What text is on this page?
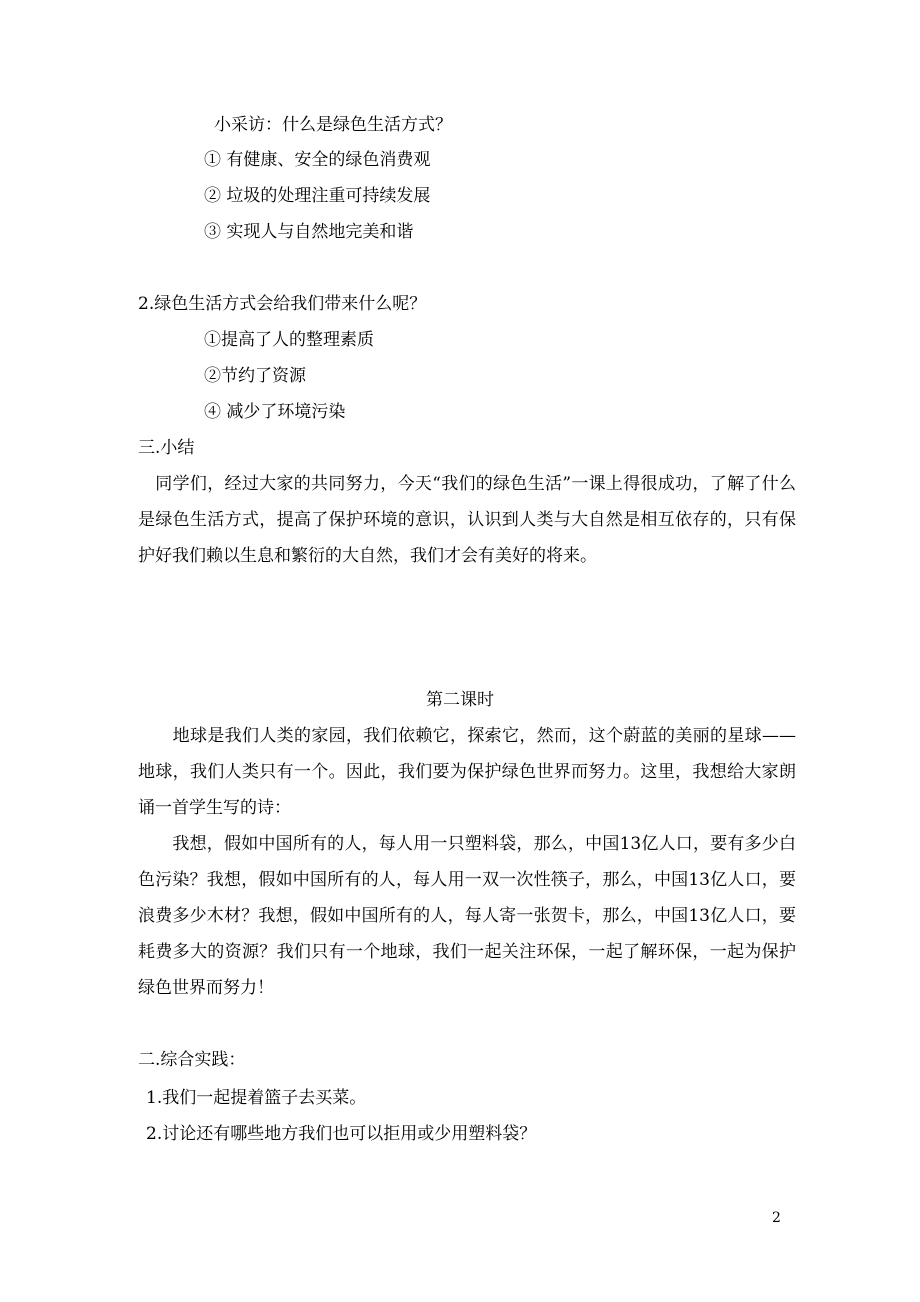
小采访：什么是绿色生活方式？
① 有健康、安全的绿色消费观
② 垃圾的处理注重可持续发展
③ 实现人与自然地完美和谐
2.绿色生活方式会给我们带来什么呢？
①提高了人的整理素质
②节约了资源
④ 减少了环境污染
三.小结
　同学们，经过大家的共同努力，今天“我们的绿色生活”一课上得很成功，了解了什么是绿色生活方式，提高了保护环境的意识，认识到人类与大自然是相互依存的，只有保护好我们赖以生息和繁衍的大自然，我们才会有美好的将来。
第二课时
　　地球是我们人类的家园，我们依赖它，探索它，然而，这个蔚蓝的美丽的星球——地球，我们人类只有一个。因此，我们要为保护绿色世界而努力。这里，我想给大家朗诵一首学生写的诗：
　　我想，假如中国所有的人，每人用一只塑料袋，那么，中国13亿人口，要有多少白色污染？我想，假如中国所有的人，每人用一双一次性筷子，那么，中国13亿人口，要浪费多少木材？我想，假如中国所有的人，每人寄一张贺卡，那么，中国13亿人口，要耗费多大的资源？我们只有一个地球，我们一起关注环保，一起了解环保，一起为保护绿色世界而努力！
二.综合实践：
1.我们一起提着篮子去买菜。
2.讨论还有哪些地方我们也可以拒用或少用塑料袋？
2
